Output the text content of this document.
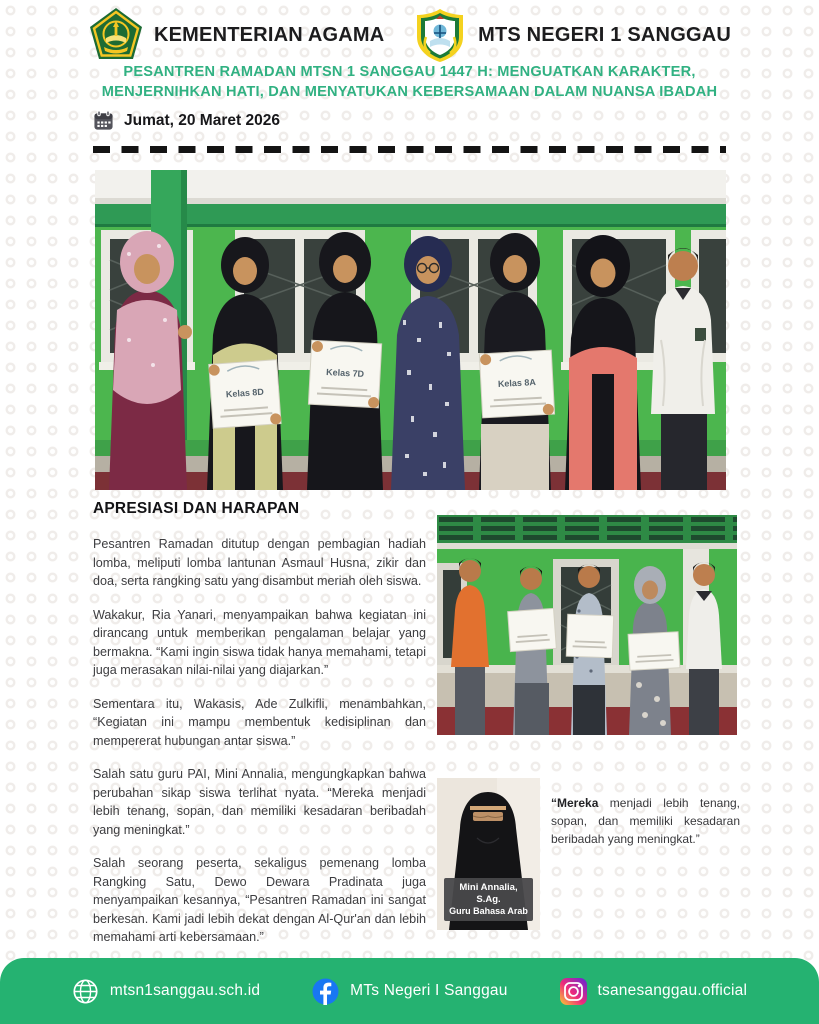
KEMENTERIAN AGAMA	MTS NEGERI 1 SANGGAU
PESANTREN RAMADAN MTSN 1 SANGGAU 1447 H: MENGUATKAN KARAKTER,
MENJERNIHKAN HATI, DAN MENYATUKAN KEBERSAMAAN DALAM NUANSA IBADAH
Jumat, 20 Maret 2026
Kelas 8D
Kelas 7D
Kelas 8A
APRESIASI DAN HARAPAN

Pesantren Ramadan ditutup dengan pembagian hadiah lomba, meliputi lomba lantunan Asmaul Husna, zikir dan doa, serta rangking satu yang disambut meriah oleh siswa.

Wakakur, Ria Yanari, menyampaikan bahwa kegiatan ini dirancang untuk memberikan pengalaman belajar yang bermakna. “Kami ingin siswa tidak hanya memahami, tetapi juga merasakan nilai-nilai yang diajarkan.”

Sementara itu, Wakasis, Ade Zulkifli, menambahkan, “Kegiatan ini mampu membentuk kedisiplinan dan mempererat hubungan antar siswa.”

Salah satu guru PAI, Mini Annalia, mengungkapkan bahwa perubahan sikap siswa terlihat nyata. “Mereka menjadi lebih tenang, sopan, dan memiliki kesadaran beribadah yang meningkat.”

Salah seorang peserta, sekaligus pemenang lomba Rangking Satu, Dewo Dewara Pradinata juga menyampaikan kesannya, “Pesantren Ramadan ini sangat berkesan. Kami jadi lebih dekat dengan Al-Qur'an dan lebih memahami arti kebersamaan.”

Mini Annalia, S.Ag.
Guru Bahasa Arab
“Mereka menjadi lebih tenang, sopan, dan memiliki kesadaran beribadah yang meningkat.”
mtsn1sanggau.sch.id	MTs Negeri I Sanggau	tsanesanggau.official
